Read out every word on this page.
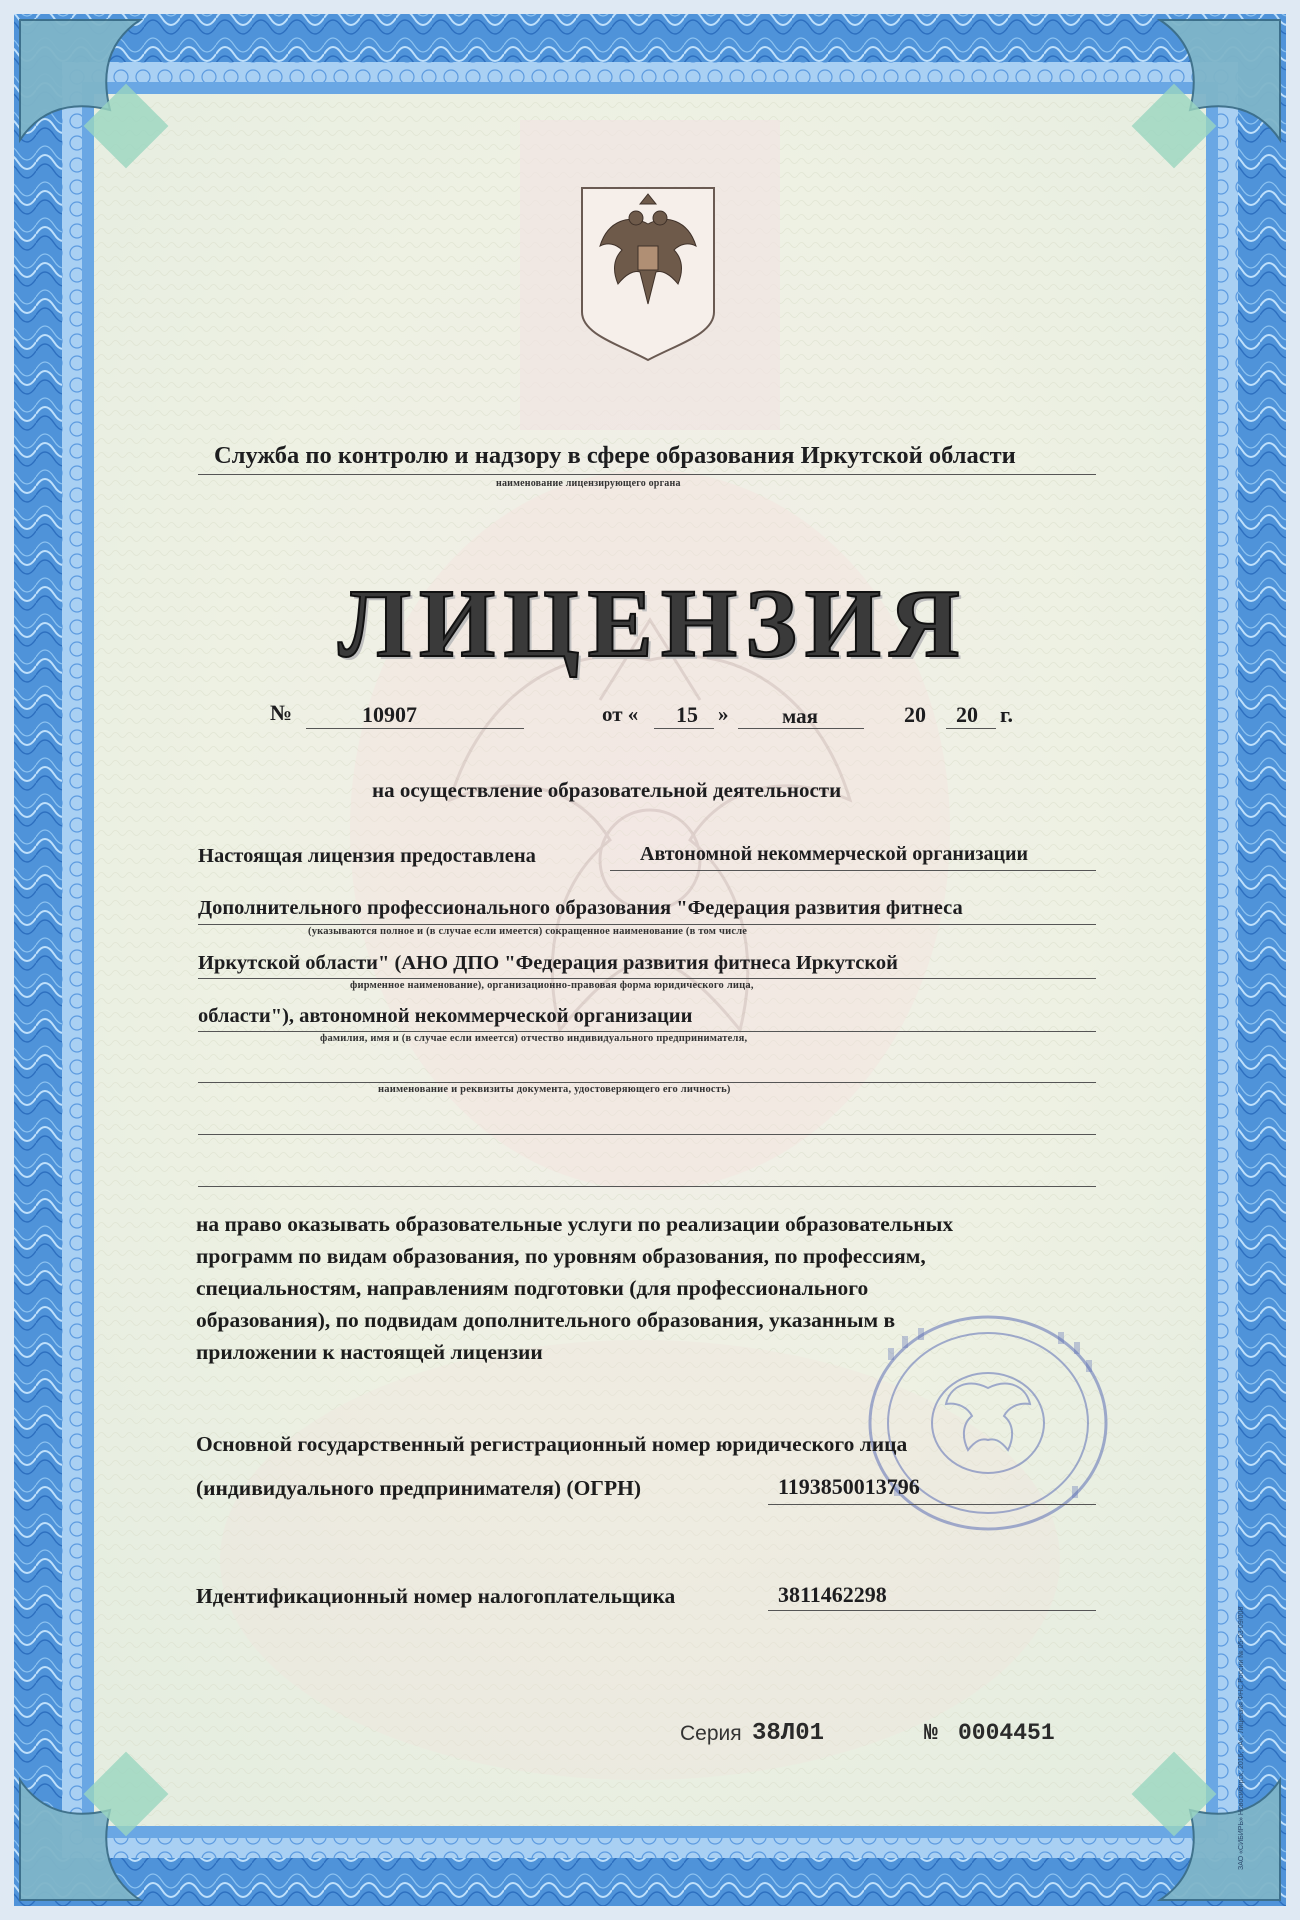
Служба по контролю и надзору в сфере образования Иркутской области
наименование лицензирующего органа
ЛИЦЕНЗИЯ
№	10907	от « 15 »	мая	20 20 г.
на осуществление образовательной деятельности
Настоящая лицензия предоставлена	Автономной некоммерческой организации
Дополнительного профессионального образования "Федерация развития фитнеса
(указываются полное и (в случае если имеется) сокращенное наименование (в том числе
Иркутской области" (АНО ДПО "Федерация развития фитнеса Иркутской
фирменное наименование), организационно-правовая форма юридического лица,
области"), автономной некоммерческой организации
фамилия, имя и (в случае если имеется) отчество индивидуального предпринимателя,
наименование и реквизиты документа, удостоверяющего его личность)
на право оказывать образовательные услуги по реализации образовательных
программ по видам образования, по уровням образования, по профессиям,
специальностям, направлениям подготовки (для профессионального
образования), по подвидам дополнительного образования, указанным в
приложении к настоящей лицензии
Основной государственный регистрационный номер юридического лица
(индивидуального предпринимателя) (ОГРН)	1193850013796
Идентификационный номер налогоплательщика	3811462298
Серия 38Л01	№ 0004451	ЗАО «СИБИРЬ» Новосибирск, 2016, «А», Лицензия ФНС России № 05-03-09/008
